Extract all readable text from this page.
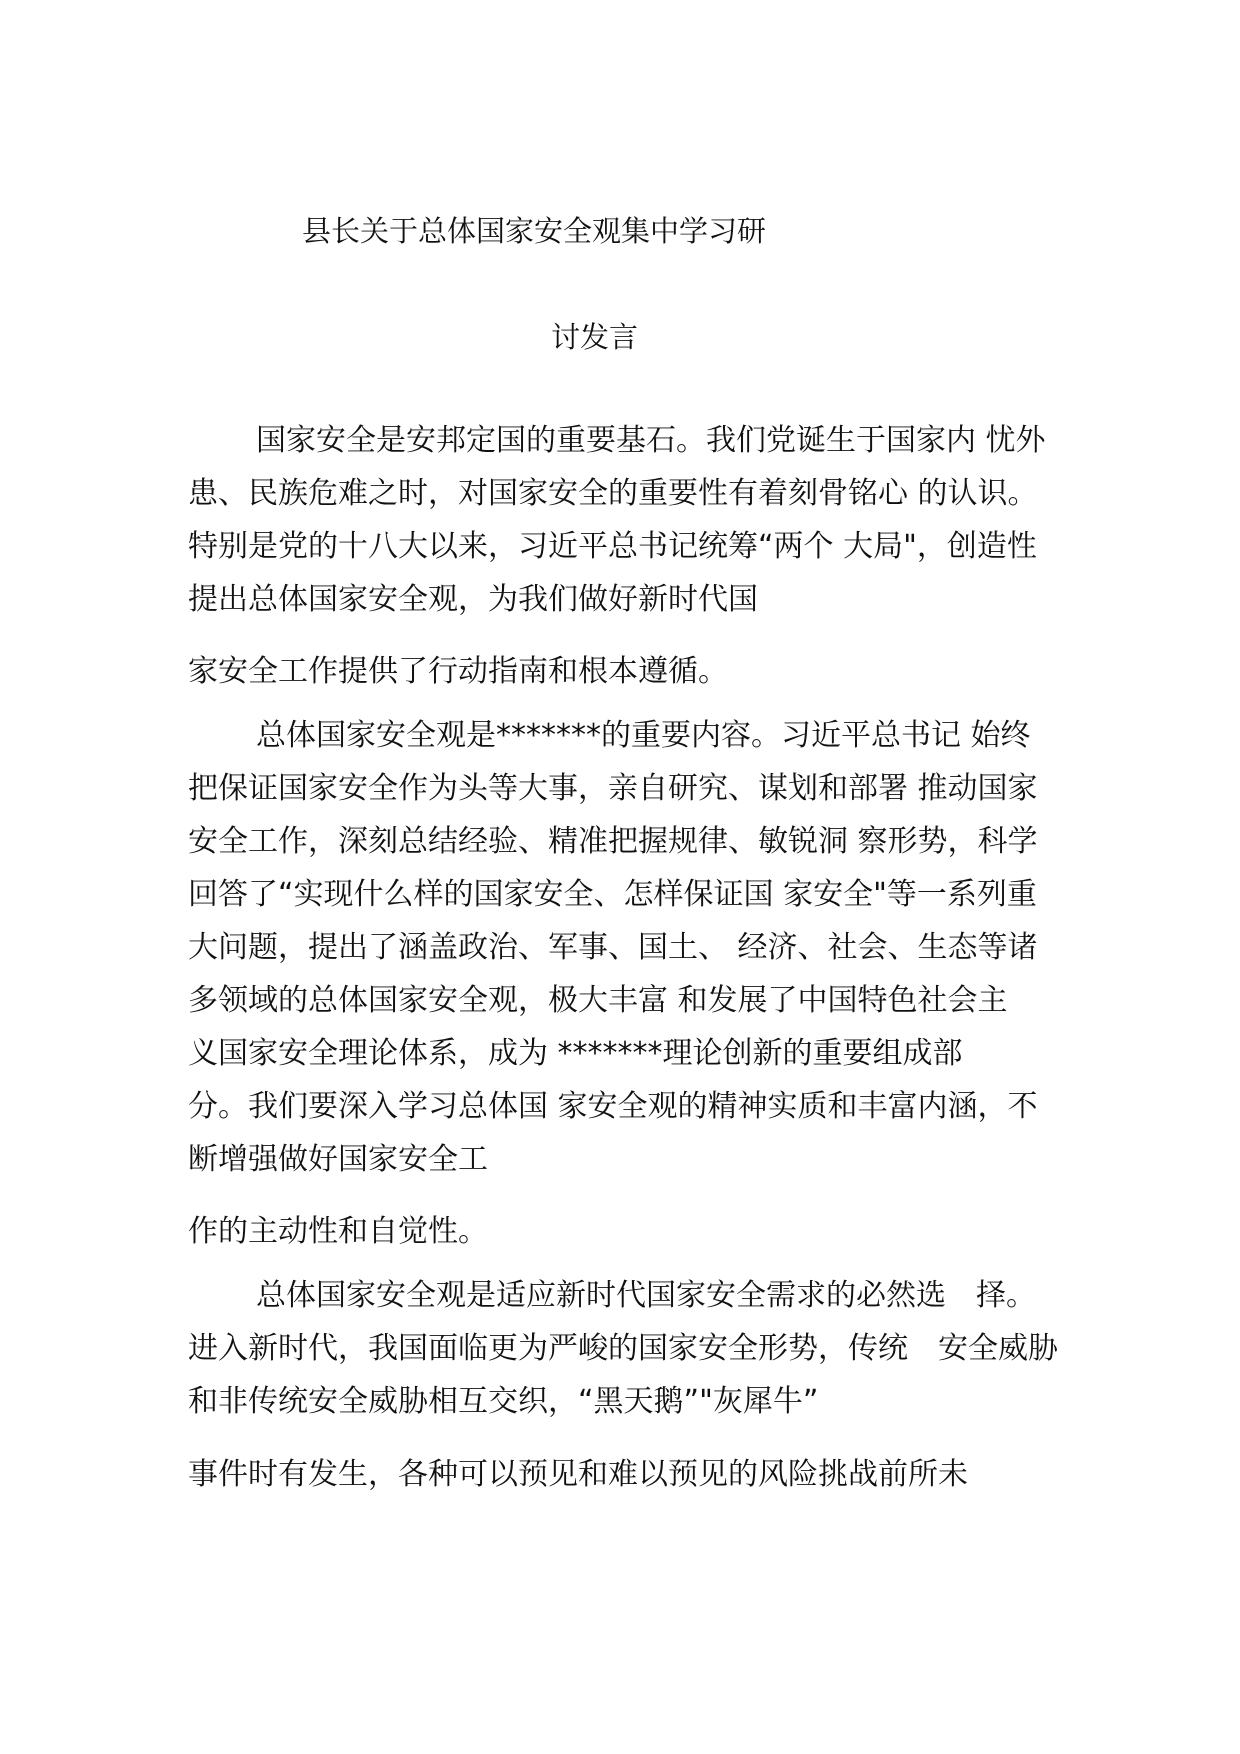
县长关于总体国家安全观集中学习研
讨发言
国家安全是安邦定国的重要基石。我们党诞生于国家内 忧外
患、民族危难之时，对国家安全的重要性有着刻骨铭心 的认识。
特别是党的十八大以来，习近平总书记统筹“两个 大局"，创造性
提出总体国家安全观，为我们做好新时代国
家安全工作提供了行动指南和根本遵循。
总体国家安全观是*******的重要内容。习近平总书记 始终
把保证国家安全作为头等大事，亲自研究、谋划和部署 推动国家
安全工作，深刻总结经验、精准把握规律、敏锐洞 察形势，科学
回答了“实现什么样的国家安全、怎样保证国 家安全"等一系列重
大问题，提出了涵盖政治、军事、国土、 经济、社会、生态等诸
多领域的总体国家安全观，极大丰富 和发展了中国特色社会主
义国家安全理论体系，成为 *******理论创新的重要组成部
分。我们要深入学习总体国 家安全观的精神实质和丰富内涵，不
断增强做好国家安全工
作的主动性和自觉性。
总体国家安全观是适应新时代国家安全需求的必然选　择。
进入新时代，我国面临更为严峻的国家安全形势，传统　安全威胁
和非传统安全威胁相互交织，“黑天鹅”"灰犀牛”
事件时有发生，各种可以预见和难以预见的风险挑战前所未
